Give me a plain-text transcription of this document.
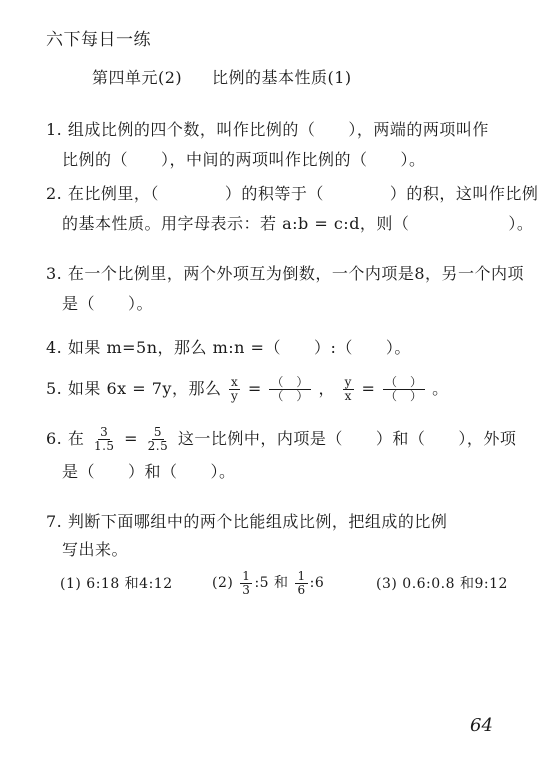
六下每日一练
第四单元(2) 比例的基本性质(1)
1. 组成比例的四个数，叫作比例的（　　），两端的两项叫作
比例的（　　），中间的两项叫作比例的（　　）。
2. 在比例里，（　　　　）的积等于（　　　　）的积，这叫作比例
的基本性质。用字母表示：若 a:b = c:d，则（　　　　　　）。
3. 在一个比例里，两个外项互为倒数，一个内项是8，另一个内项
是（　　）。
4. 如果 m=5n，那么 m:n =（　　）:（　　）。
5. 如果 6x = 7y，那么 $\frac{x}{y} = \frac{( )}{( )}$ ， $\frac{y}{x} = \frac{( )}{( )}$ 。
6. 在 $\frac{3}{1.5} = \frac{5}{2.5}$ 这一比例中，内项是（　　）和（　　），外项
是（　　）和（　　）。
7. 判断下面哪组中的两个比能组成比例，把组成的比例
写出来。
(1) 6:18 和4:12	$(2) \frac{1}{3}$ :5 和 $\frac{1}{6}$ :6	(3) 0.6:0.8 和9:12
64
